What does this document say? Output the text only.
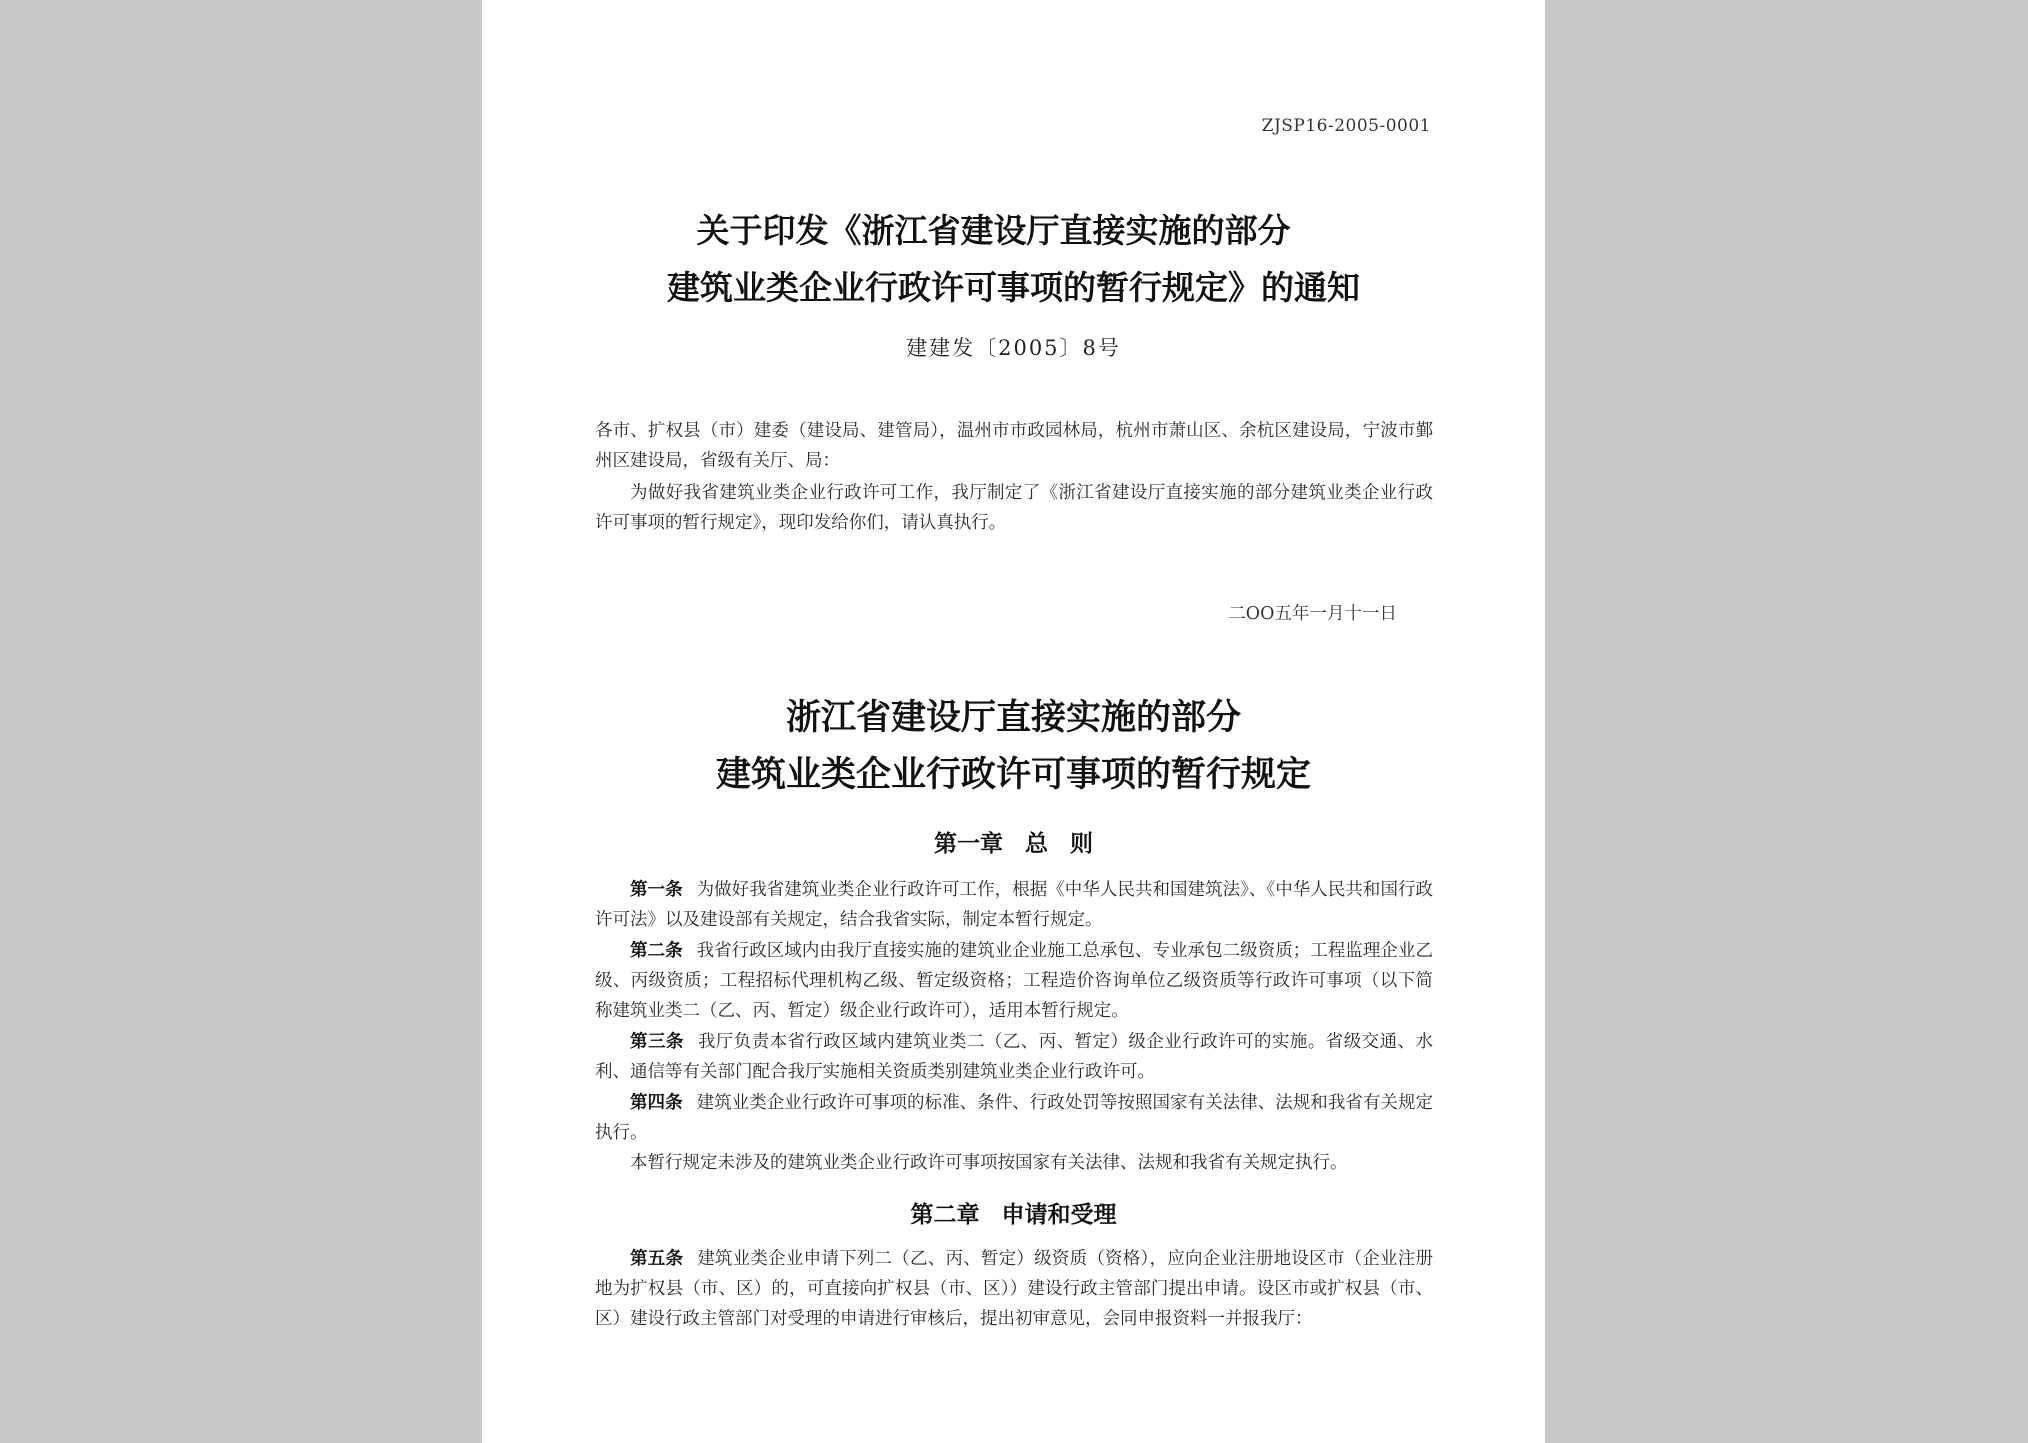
ZJSP16-2005-0001
关于印发《浙江省建设厅直接实施的部分
建筑业类企业行政许可事项的暂行规定》的通知
建建发〔2005〕8号
各市、扩权县（市）建委（建设局、建管局），温州市市政园林局，杭州市萧山区、余杭区建设局，宁波市鄞州区建设局，省级有关厅、局：
为做好我省建筑业类企业行政许可工作，我厅制定了《浙江省建设厅直接实施的部分建筑业类企业行政许可事项的暂行规定》，现印发给你们，请认真执行。
二OO五年一月十一日
浙江省建设厅直接实施的部分
建筑业类企业行政许可事项的暂行规定
第一章 总 则
第一条 为做好我省建筑业类企业行政许可工作，根据《中华人民共和国建筑法》、《中华人民共和国行政许可法》以及建设部有关规定，结合我省实际，制定本暂行规定。
第二条 我省行政区域内由我厅直接实施的建筑业企业施工总承包、专业承包二级资质；工程监理企业乙级、丙级资质；工程招标代理机构乙级、暂定级资格；工程造价咨询单位乙级资质等行政许可事项（以下简称建筑业类二（乙、丙、暂定）级企业行政许可），适用本暂行规定。
第三条 我厅负责本省行政区域内建筑业类二（乙、丙、暂定）级企业行政许可的实施。省级交通、水利、通信等有关部门配合我厅实施相关资质类别建筑业类企业行政许可。
第四条 建筑业类企业行政许可事项的标准、条件、行政处罚等按照国家有关法律、法规和我省有关规定执行。
本暂行规定未涉及的建筑业类企业行政许可事项按国家有关法律、法规和我省有关规定执行。
第二章 申请和受理
第五条 建筑业类企业申请下列二（乙、丙、暂定）级资质（资格），应向企业注册地设区市（企业注册地为扩权县（市、区）的，可直接向扩权县（市、区））建设行政主管部门提出申请。设区市或扩权县（市、区）建设行政主管部门对受理的申请进行审核后，提出初审意见，会同申报资料一并报我厅：
